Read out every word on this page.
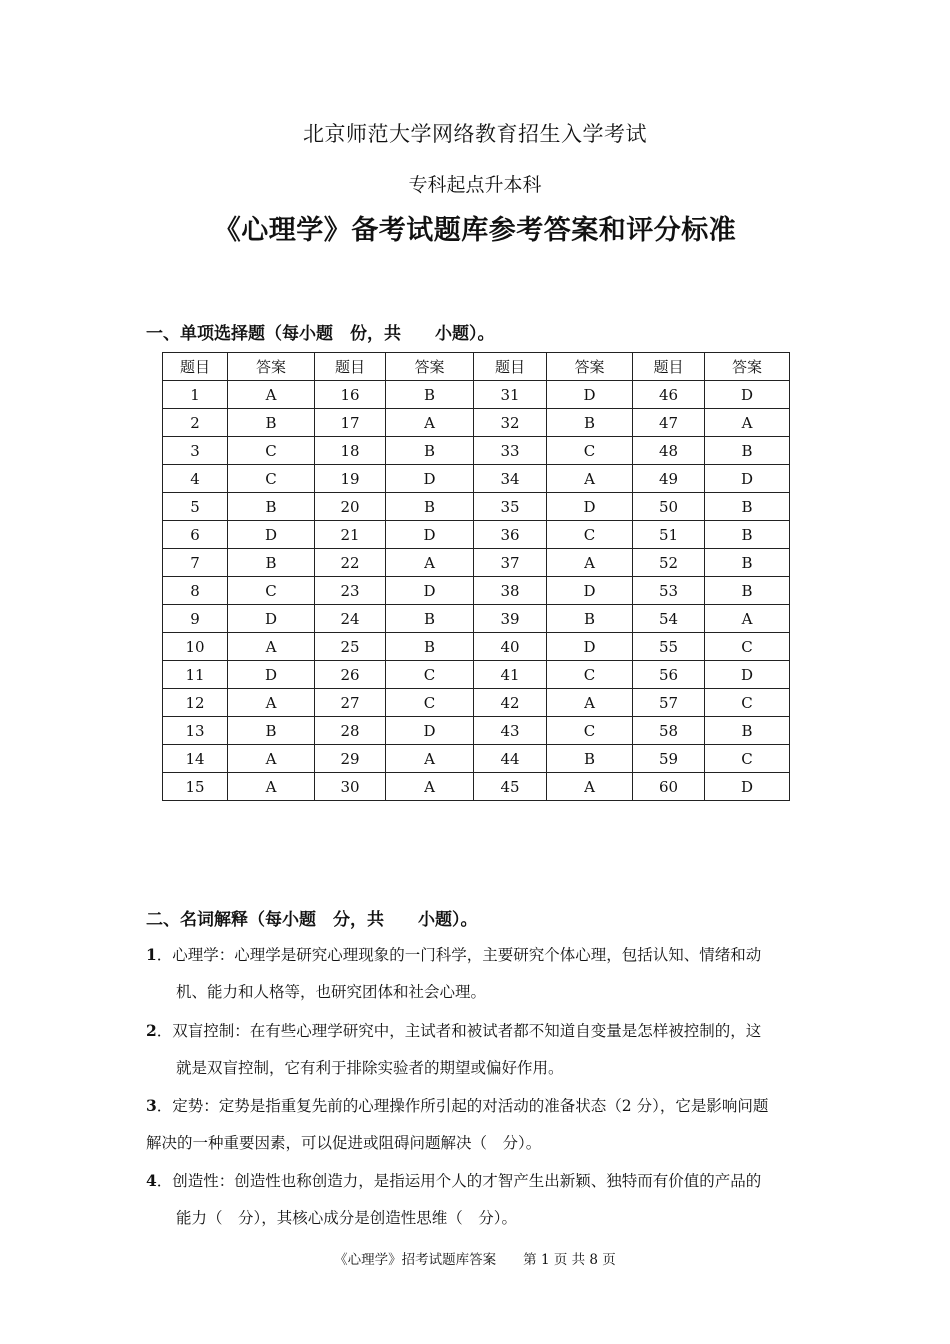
北京师范大学网络教育招生入学考试
专科起点升本科
《心理学》备考试题库参考答案和评分标准
一、单项选择题（每小题　份，共　　小题）。
题目	答案	题目	答案	题目	答案	题目	答案
1	A	16	B	31	D	46	D
2	B	17	A	32	B	47	A
3	C	18	B	33	C	48	B
4	C	19	D	34	A	49	D
5	B	20	B	35	D	50	B
6	D	21	D	36	C	51	B
7	B	22	A	37	A	52	B
8	C	23	D	38	D	53	B
9	D	24	B	39	B	54	A
10	A	25	B	40	D	55	C
11	D	26	C	41	C	56	D
12	A	27	C	42	A	57	C
13	B	28	D	43	C	58	B
14	A	29	A	44	B	59	C
15	A	30	A	45	A	60	D
二、名词解释（每小题　分，共　　小题）。
1．心理学：心理学是研究心理现象的一门科学，主要研究个体心理，包括认知、情绪和动
机、能力和人格等，也研究团体和社会心理。
2．双盲控制：在有些心理学研究中，主试者和被试者都不知道自变量是怎样被控制的，这
就是双盲控制，它有利于排除实验者的期望或偏好作用。
3．定势：定势是指重复先前的心理操作所引起的对活动的准备状态（2 分），它是影响问题
解决的一种重要因素，可以促进或阻碍问题解决（　分）。
4．创造性：创造性也称创造力，是指运用个人的才智产生出新颖、独特而有价值的产品的
能力（　分），其核心成分是创造性思维（　分）。
《心理学》招考试题库答案　　第 1 页 共 8 页
